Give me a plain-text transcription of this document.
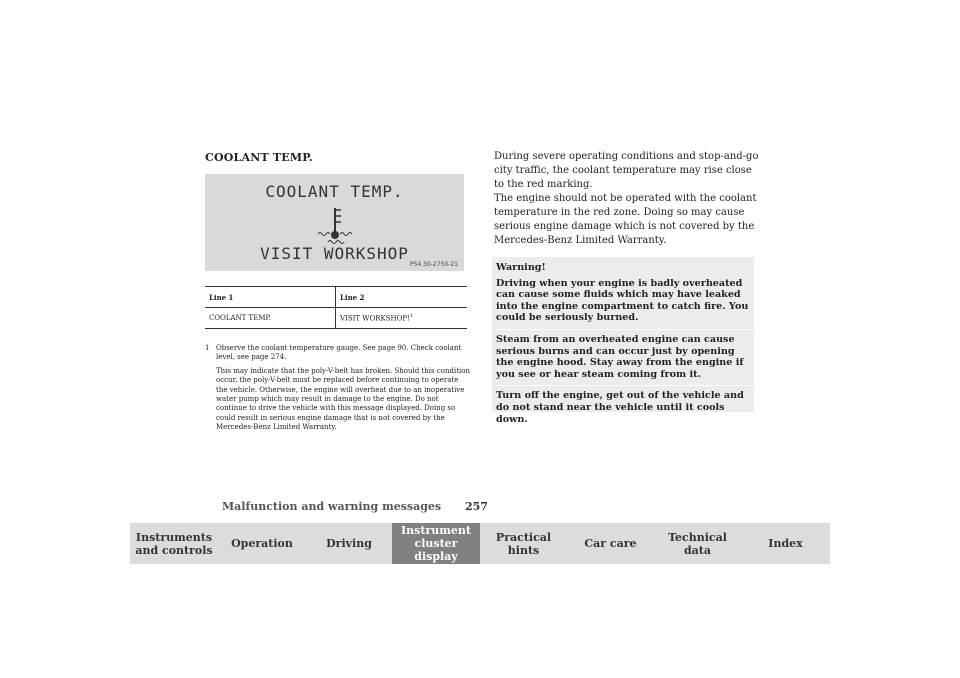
COOLANT TEMP.
COOLANT TEMP.
VISIT WORKSHOP
P54.30-2750-21
Line 1	Line 2
COOLANT TEMP.	VISIT WORKSHOP!$^1$
1 Observe the coolant temperature gauge. See page 90. Check coolant level, see page 274.

This may indicate that the poly-V-belt has broken. Should this condition occur, the poly-V-belt must be replaced before continuing to operate the vehicle. Otherwise, the engine will overheat due to an inoperative water pump which may result in damage to the engine. Do not continue to drive the vehicle with this message displayed. Doing so could result in serious engine damage that is not covered by the Mercedes-Benz Limited Warranty.

During severe operating conditions and stop-and-go city traffic, the coolant temperature may rise close to the red marking.
The engine should not be operated with the coolant temperature in the red zone. Doing so may cause serious engine damage which is not covered by the Mercedes-Benz Limited Warranty.
Warning!

Driving when your engine is badly overheated can cause some fluids which may have leaked into the engine compartment to catch fire. You could be seriously burned.

Steam from an overheated engine can cause serious burns and can occur just by opening the engine hood. Stay away from the engine if you see or hear steam coming from it.

Turn off the engine, get out of the vehicle and do not stand near the vehicle until it cools down.

Malfunction and warning messages 257
Instruments
and controls Operation	Driving
Instrument
cluster display
Practical hints	Car care	Technical
data	Index
